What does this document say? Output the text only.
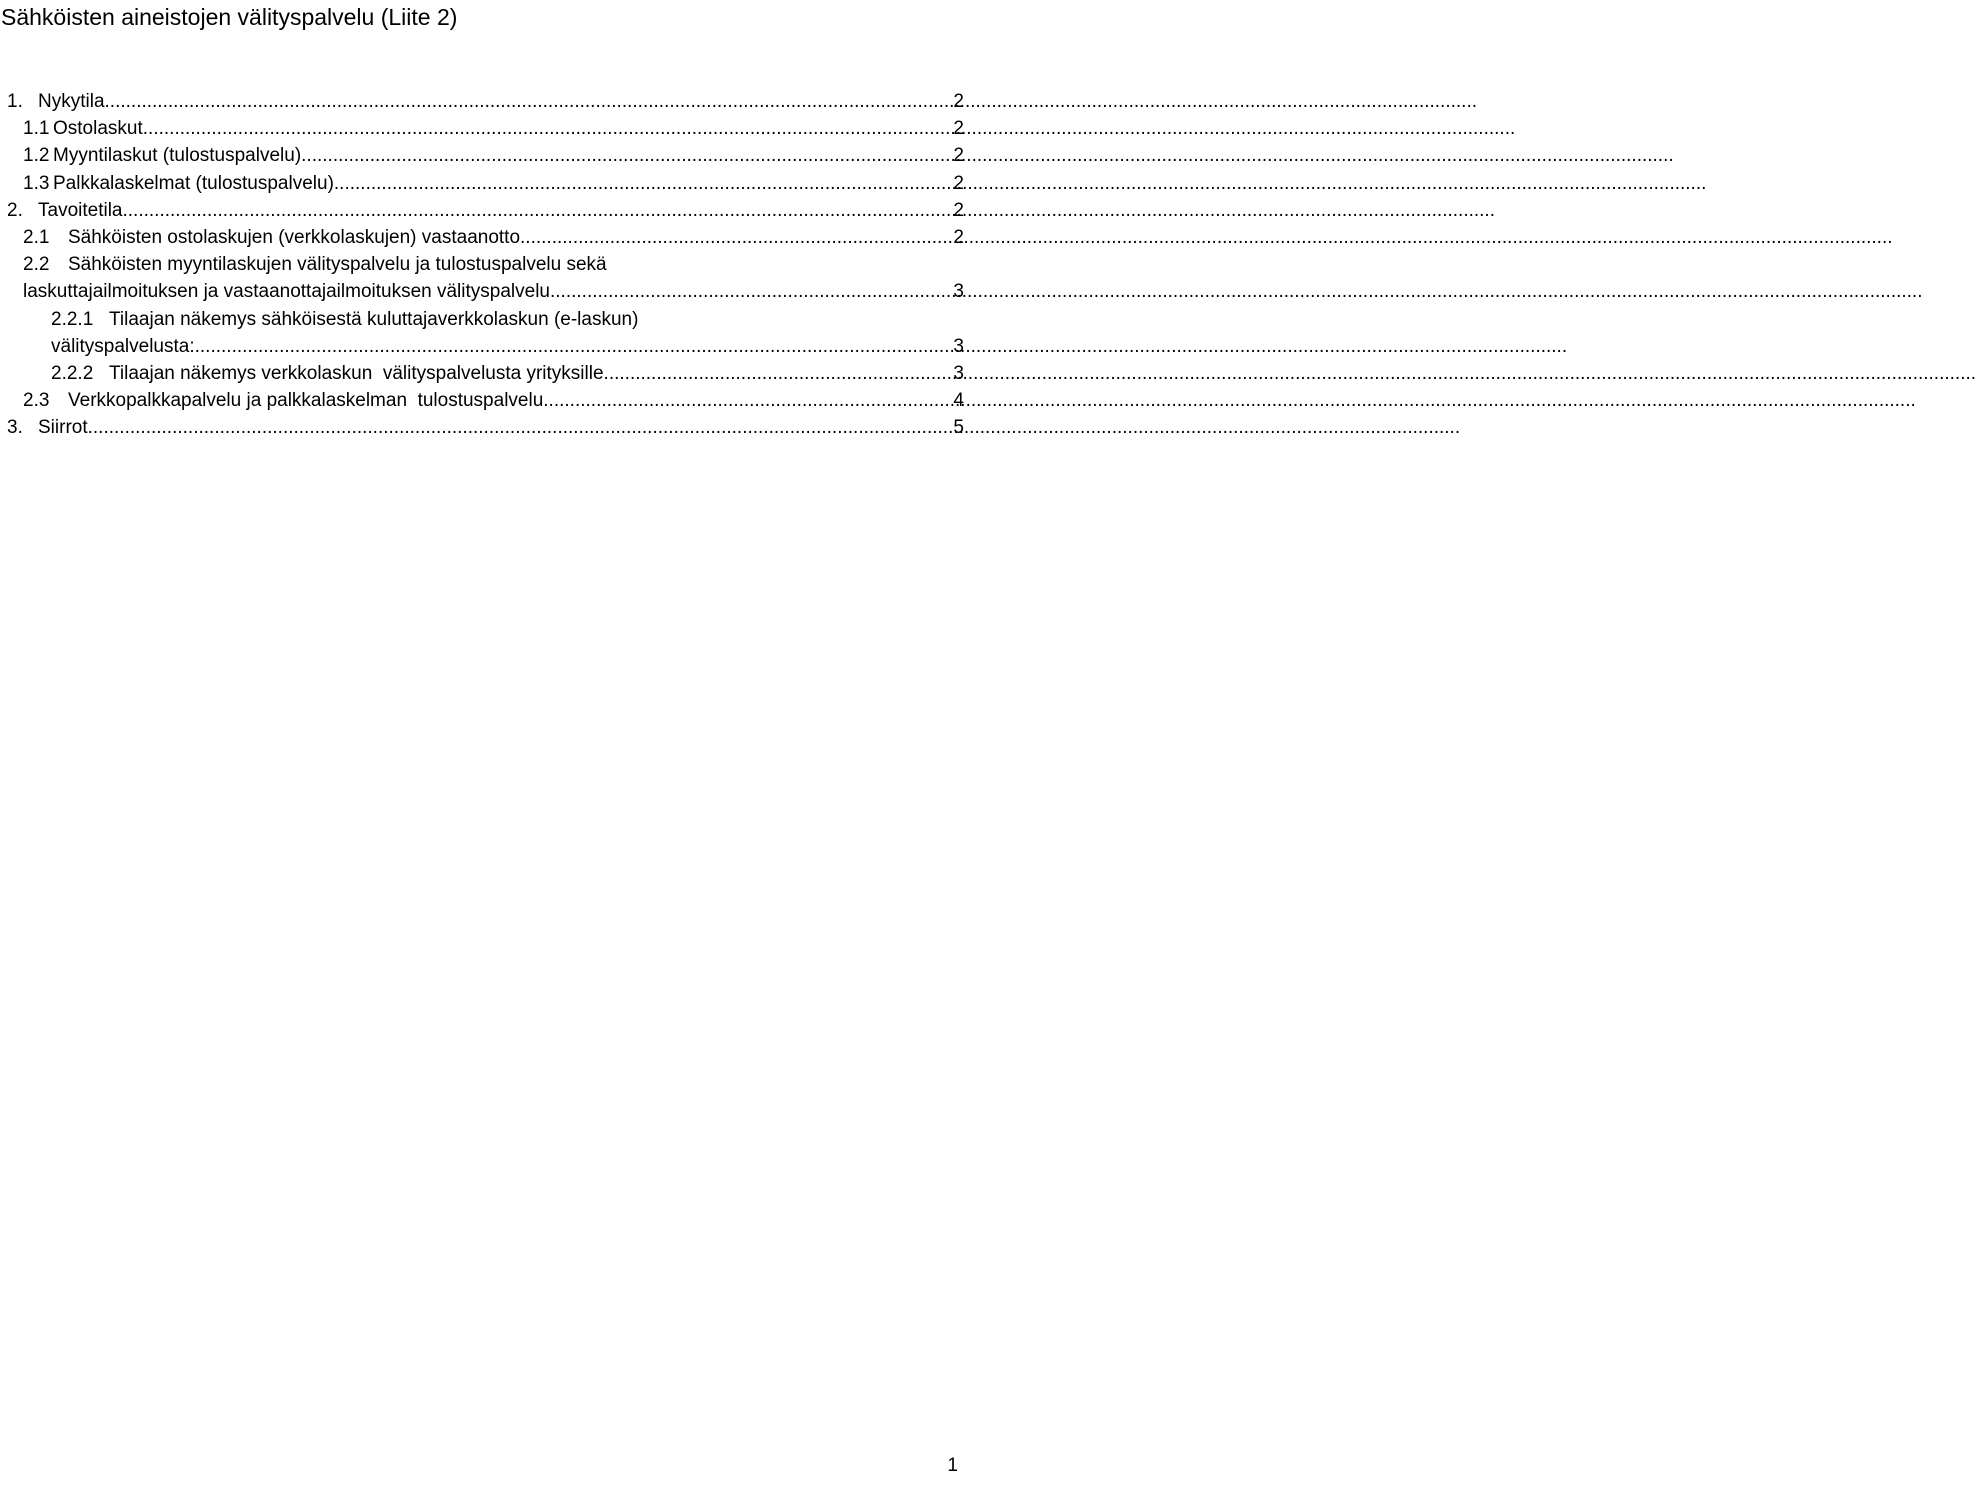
Sähköisten aineistojen välityspalvelu (Liite 2)
1. Nykytila .....	2
1.1 Ostolaskut .....	2
1.2 Myyntilaskut (tulostuspalvelu) .....	2
1.3 Palkkalaskelmat (tulostuspalvelu) .....	2
2. Tavoitetila .....	2
2.1 Sähköisten ostolaskujen (verkkolaskujen) vastaanotto .....	2
2.2 Sähköisten myyntilaskujen välityspalvelu ja tulostuspalvelu sekä
laskuttajailmoituksen ja vastaanottajailmoituksen välityspalvelu .....	3
2.2.1 Tilaajan näkemys sähköisestä kuluttajaverkkolaskun (e-laskun)
välityspalvelusta: .....	3
2.2.2 Tilaajan näkemys verkkolaskun  välityspalvelusta yrityksille .....	3
2.3 Verkkopalkkapalvelu ja palkkalaskelman  tulostuspalvelu .....	4
3. Siirrot .....	5
1
